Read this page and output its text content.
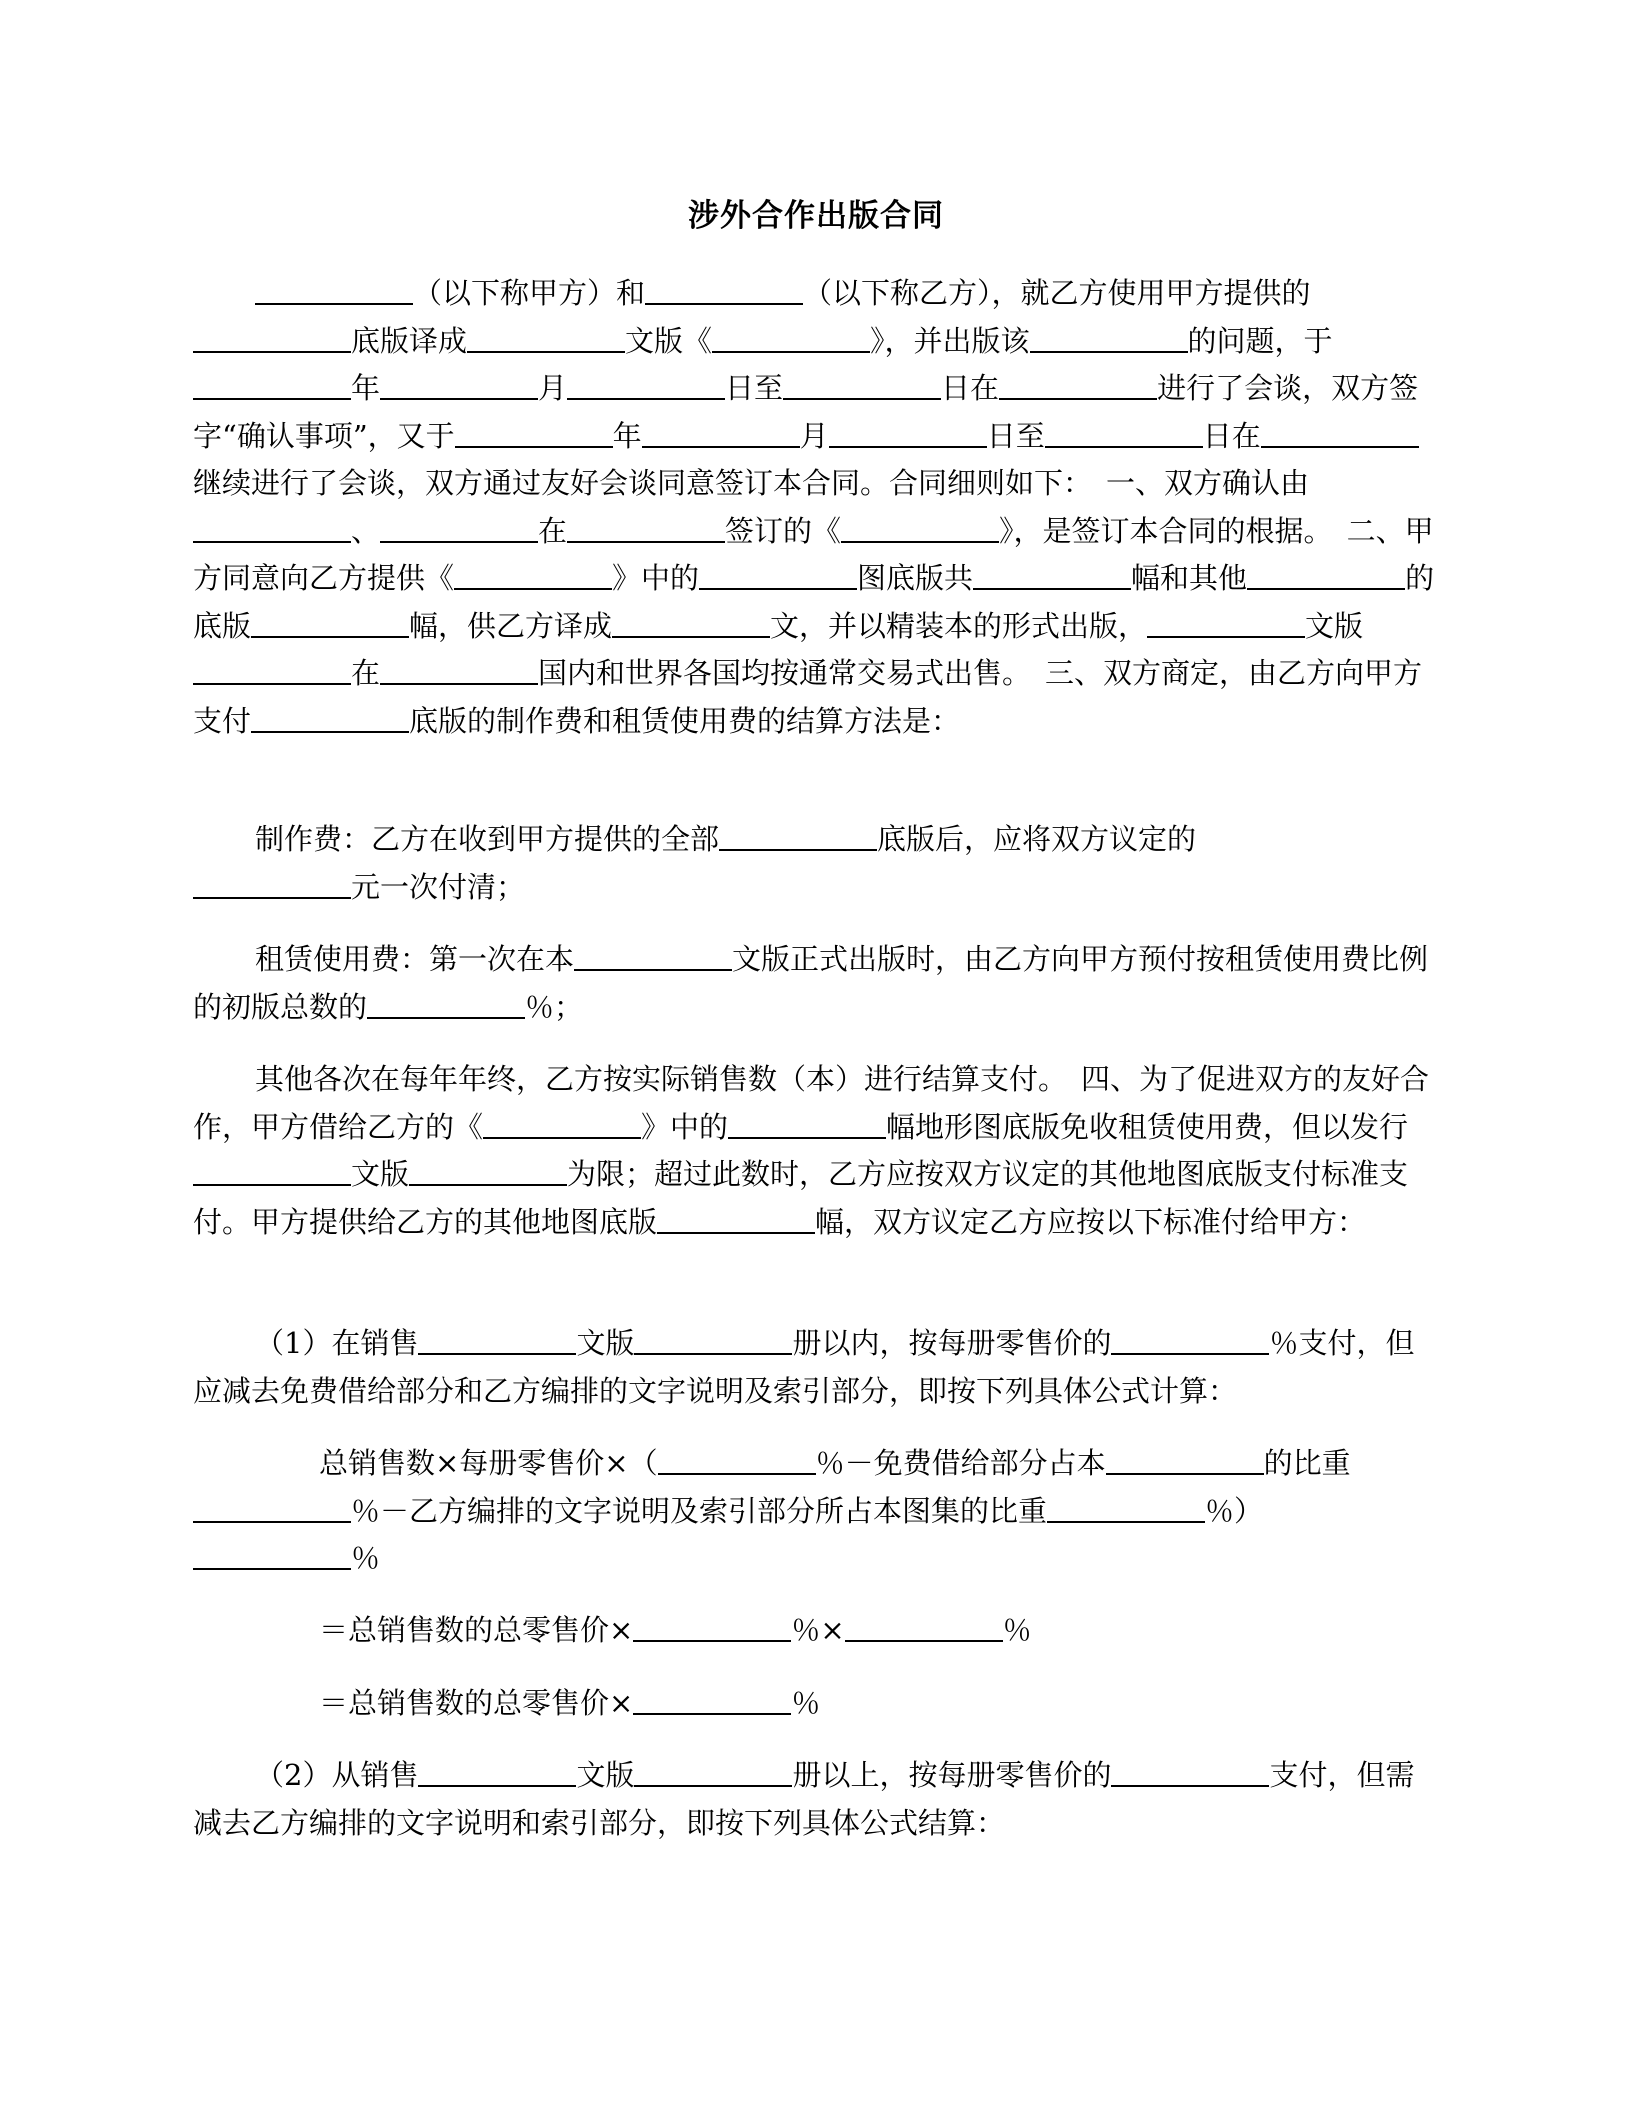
涉外合作出版合同
（以下称甲方）和	（以下称乙方），就乙方使用甲方提供的底版译成	文版《	》，并出版该	的问题，于年	月	日至	日在	进行了会谈，双方签字“确认事项”，又于	年	月	日至	日在继续进行了会谈，双方通过友好会谈同意签订本合同。合同细则如下： 一、双方确认由、	在	签订的《	》，是签订本合同的根据。 二、甲方同意向乙方提供《	》中的	图底版共	幅和其他	的底版	幅，供乙方译成	文，并以精装本的形式出版，	文版在	国内和世界各国均按通常交易式出售。 三、双方商定，由乙方向甲方支付	底版的制作费和租赁使用费的结算方法是：
制作费：乙方在收到甲方提供的全部	底版后，应将双方议定的
元一次付清；
租赁使用费：第一次在本	文版正式出版时，由乙方向甲方预付按租赁使用费比例的初版总数的	％；
其他各次在每年年终，乙方按实际销售数（本）进行结算支付。 四、为了促进双方的友好合作，甲方借给乙方的《	》中的	幅地形图底版免收租赁使用费，但以发行文版	为限；超过此数时，乙方应按双方议定的其他地图底版支付标准支付。甲方提供给乙方的其他地图底版	幅，双方议定乙方应按以下标准付给甲方：
（1）在销售	文版	册以内，按每册零售价的	％支付，但应减去免费借给部分和乙方编排的文字说明及索引部分，即按下列具体公式计算：
总销售数×每册零售价×（	％－免费借给部分占本	的比重％－乙方编排的文字说明及索引部分所占本图集的比重	％）
％
＝总销售数的总零售价×	％×	％
＝总销售数的总零售价×	％
（2）从销售	文版	册以上，按每册零售价的	支付，但需减去乙方编排的文字说明和索引部分，即按下列具体公式结算：
